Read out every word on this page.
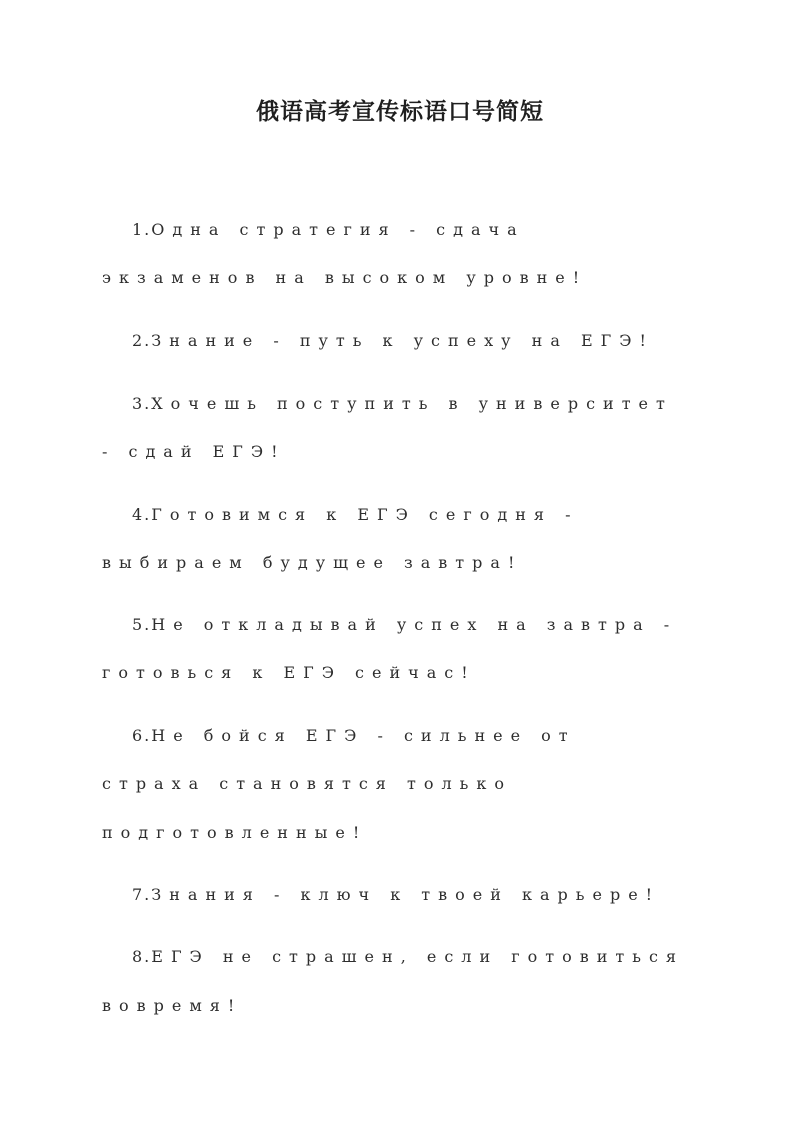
俄语高考宣传标语口号简短
1.Одна стратегия - сдача
экзаменов на высоком уровне!
2.Знание - путь к успеху на ЕГЭ!
3.Хочешь поступить в университет
- сдай ЕГЭ!
4.Готовимся к ЕГЭ сегодня -
выбираем будущее завтра!
5.Не откладывай успех на завтра -
готовься к ЕГЭ сейчас!
6.Не бойся ЕГЭ - сильнее от
страха становятся только
подготовленные!
7.Знания - ключ к твоей карьере!
8.ЕГЭ не страшен, если готовиться
вовремя!
